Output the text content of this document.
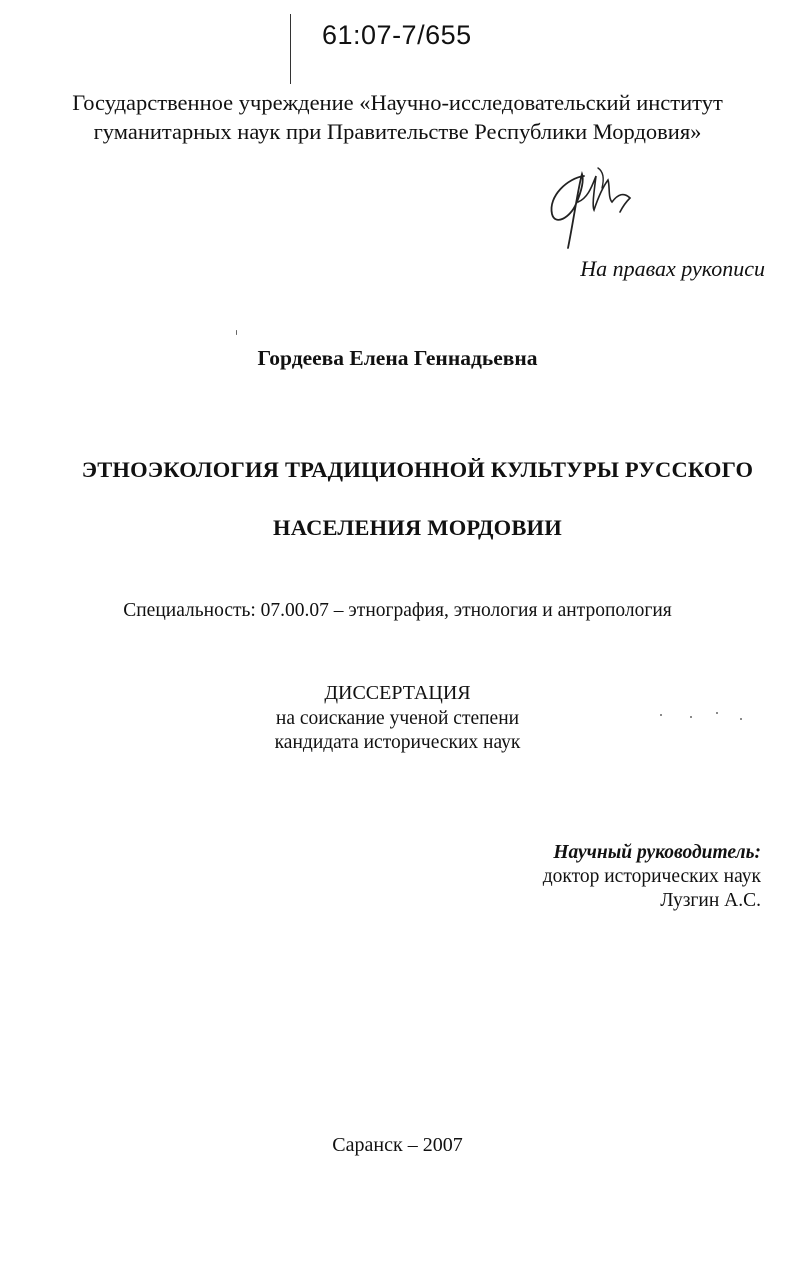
61:07-7/655
Государственное учреждение «Научно-исследовательский институт
гуманитарных наук при Правительстве Республики Мордовия»
На правах рукописи
Гордеева Елена Геннадьевна
ЭТНОЭКОЛОГИЯ ТРАДИЦИОННОЙ КУЛЬТУРЫ РУССКОГО
НАСЕЛЕНИЯ МОРДОВИИ
Специальность: 07.00.07 – этнография, этнология и антропология
ДИССЕРТАЦИЯ
на соискание ученой степени
кандидата исторических наук
Научный руководитель:
доктор исторических наук
Лузгин А.С.
Саранск – 2007
